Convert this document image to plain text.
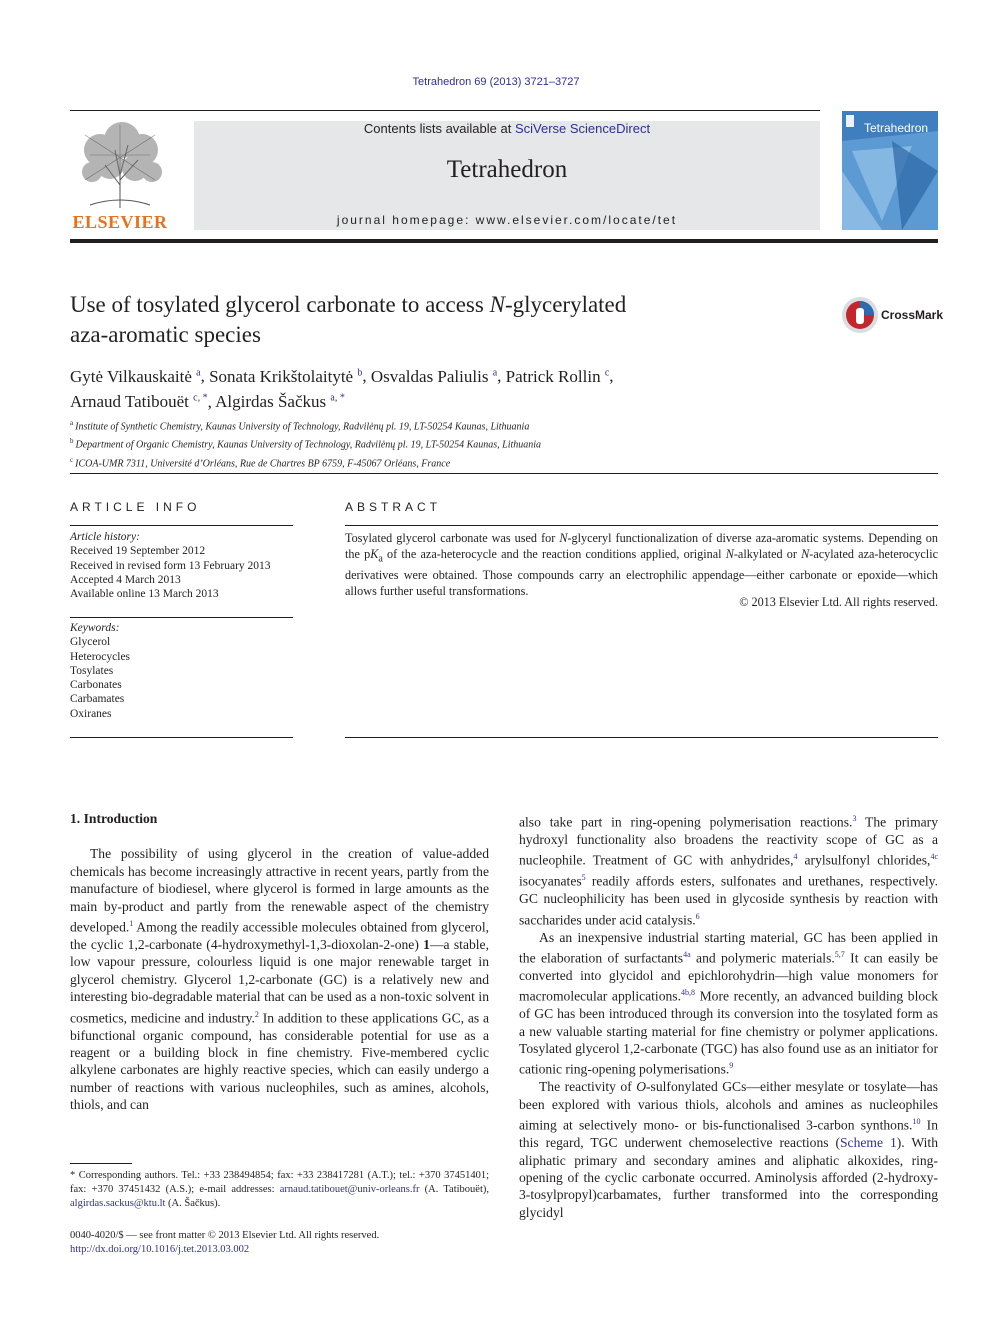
Tetrahedron 69 (2013) 3721–3727
ELSEVIER
Contents lists available at SciVerse ScienceDirect
Tetrahedron
journal homepage: www.elsevier.com/locate/tet
Tetrahedron
Use of tosylated glycerol carbonate to access N-glycerylated
aza-aromatic species
CrossMark
Gytė Vilkauskaitė $^a$, Sonata Krikštolaitytė $^b$, Osvaldas Paliulis $^a$, Patrick Rollin $^c$,
Arnaud Tatibouët $^{c, *}$, Algirdas Šačkus $^{a, *}$
$^a$ Institute of Synthetic Chemistry, Kaunas University of Technology, Radvilėnų pl. 19, LT-50254 Kaunas, Lithuania
$^b$ Department of Organic Chemistry, Kaunas University of Technology, Radvilėnų pl. 19, LT-50254 Kaunas, Lithuania
$^c$ ICOA-UMR 7311, Université d’Orléans, Rue de Chartres BP 6759, F-45067 Orléans, France
ARTICLE INFO	ABSTRACT
Article history:
Received 19 September 2012
Received in revised form 13 February 2013
Accepted 4 March 2013
Available online 13 March 2013
Keywords:
Glycerol
Heterocycles
Tosylates
Carbonates
Carbamates
Oxiranes
Tosylated glycerol carbonate was used for N-glyceryl functionalization of diverse aza-aromatic systems. Depending on the $pK_a$ of the aza-heterocycle and the reaction conditions applied, original N-alkylated or N-acylated aza-heterocyclic derivatives were obtained. Those compounds carry an electrophilic appendage—either carbonate or epoxide—which allows further useful transformations.
© 2013 Elsevier Ltd. All rights reserved.
1. Introduction

The possibility of using glycerol in the creation of value-added chemicals has become increasingly attractive in recent years, partly from the manufacture of biodiesel, where glycerol is formed in large amounts as the main by-product and partly from the renewable aspect of the chemistry developed.$^1$ Among the readily accessible molecules obtained from glycerol, the cyclic 1,2-carbonate (4-hydroxymethyl-1,3-dioxolan-2-one) 1—a stable, low vapour pressure, colourless liquid is one major renewable target in glycerol chemistry. Glycerol 1,2-carbonate (GC) is a relatively new and interesting bio-degradable material that can be used as a non-toxic solvent in cosmetics, medicine and industry.$^2$ In addition to these applications GC, as a bifunctional organic compound, has considerable potential for use as a reagent or a building block in fine chemistry. Five-membered cyclic alkylene carbonates are highly reactive species, which can easily undergo a number of reactions with various nucleophiles, such as amines, alcohols, thiols, and can

also take part in ring-opening polymerisation reactions.$^3$ The primary hydroxyl functionality also broadens the reactivity scope of GC as a nucleophile. Treatment of GC with anhydrides,$^4$ arylsulfonyl chlorides,$^{4c}$ isocyanates$^5$ readily affords esters, sulfonates and urethanes, respectively. GC nucleophilicity has been used in glycoside synthesis by reaction with saccharides under acid catalysis.$^6$

As an inexpensive industrial starting material, GC has been applied in the elaboration of surfactants$^{4a}$ and polymeric materials.$^{5,7}$ It can easily be converted into glycidol and epichlorohydrin—high value monomers for macromolecular applications.$^{4b,8}$ More recently, an advanced building block of GC has been introduced through its conversion into the tosylated form as a new valuable starting material for fine chemistry or polymer applications. Tosylated glycerol 1,2-carbonate (TGC) has also found use as an initiator for cationic ring-opening polymerisations.$^9$

The reactivity of O-sulfonylated GCs—either mesylate or tosylate—has been explored with various thiols, alcohols and amines as nucleophiles aiming at selectively mono- or bis-functionalised 3-carbon synthons.$^{10}$ In this regard, TGC underwent chemoselective reactions (Scheme 1). With aliphatic primary and secondary amines and aliphatic alkoxides, ring-opening of the cyclic carbonate occurred. Aminolysis afforded (2-hydroxy-3-tosylpropyl)carbamates, further transformed into the corresponding glycidyl

* Corresponding authors. Tel.: +33 238494854; fax: +33 238417281 (A.T.); tel.: +370 37451401; fax: +370 37451432 (A.S.); e-mail addresses: arnaud.tatibouet@univ-orleans.fr (A. Tatibouët), algirdas.sackus@ktu.lt (A. Šačkus).
0040-4020/$ — see front matter © 2013 Elsevier Ltd. All rights reserved.
http://dx.doi.org/10.1016/j.tet.2013.03.002
